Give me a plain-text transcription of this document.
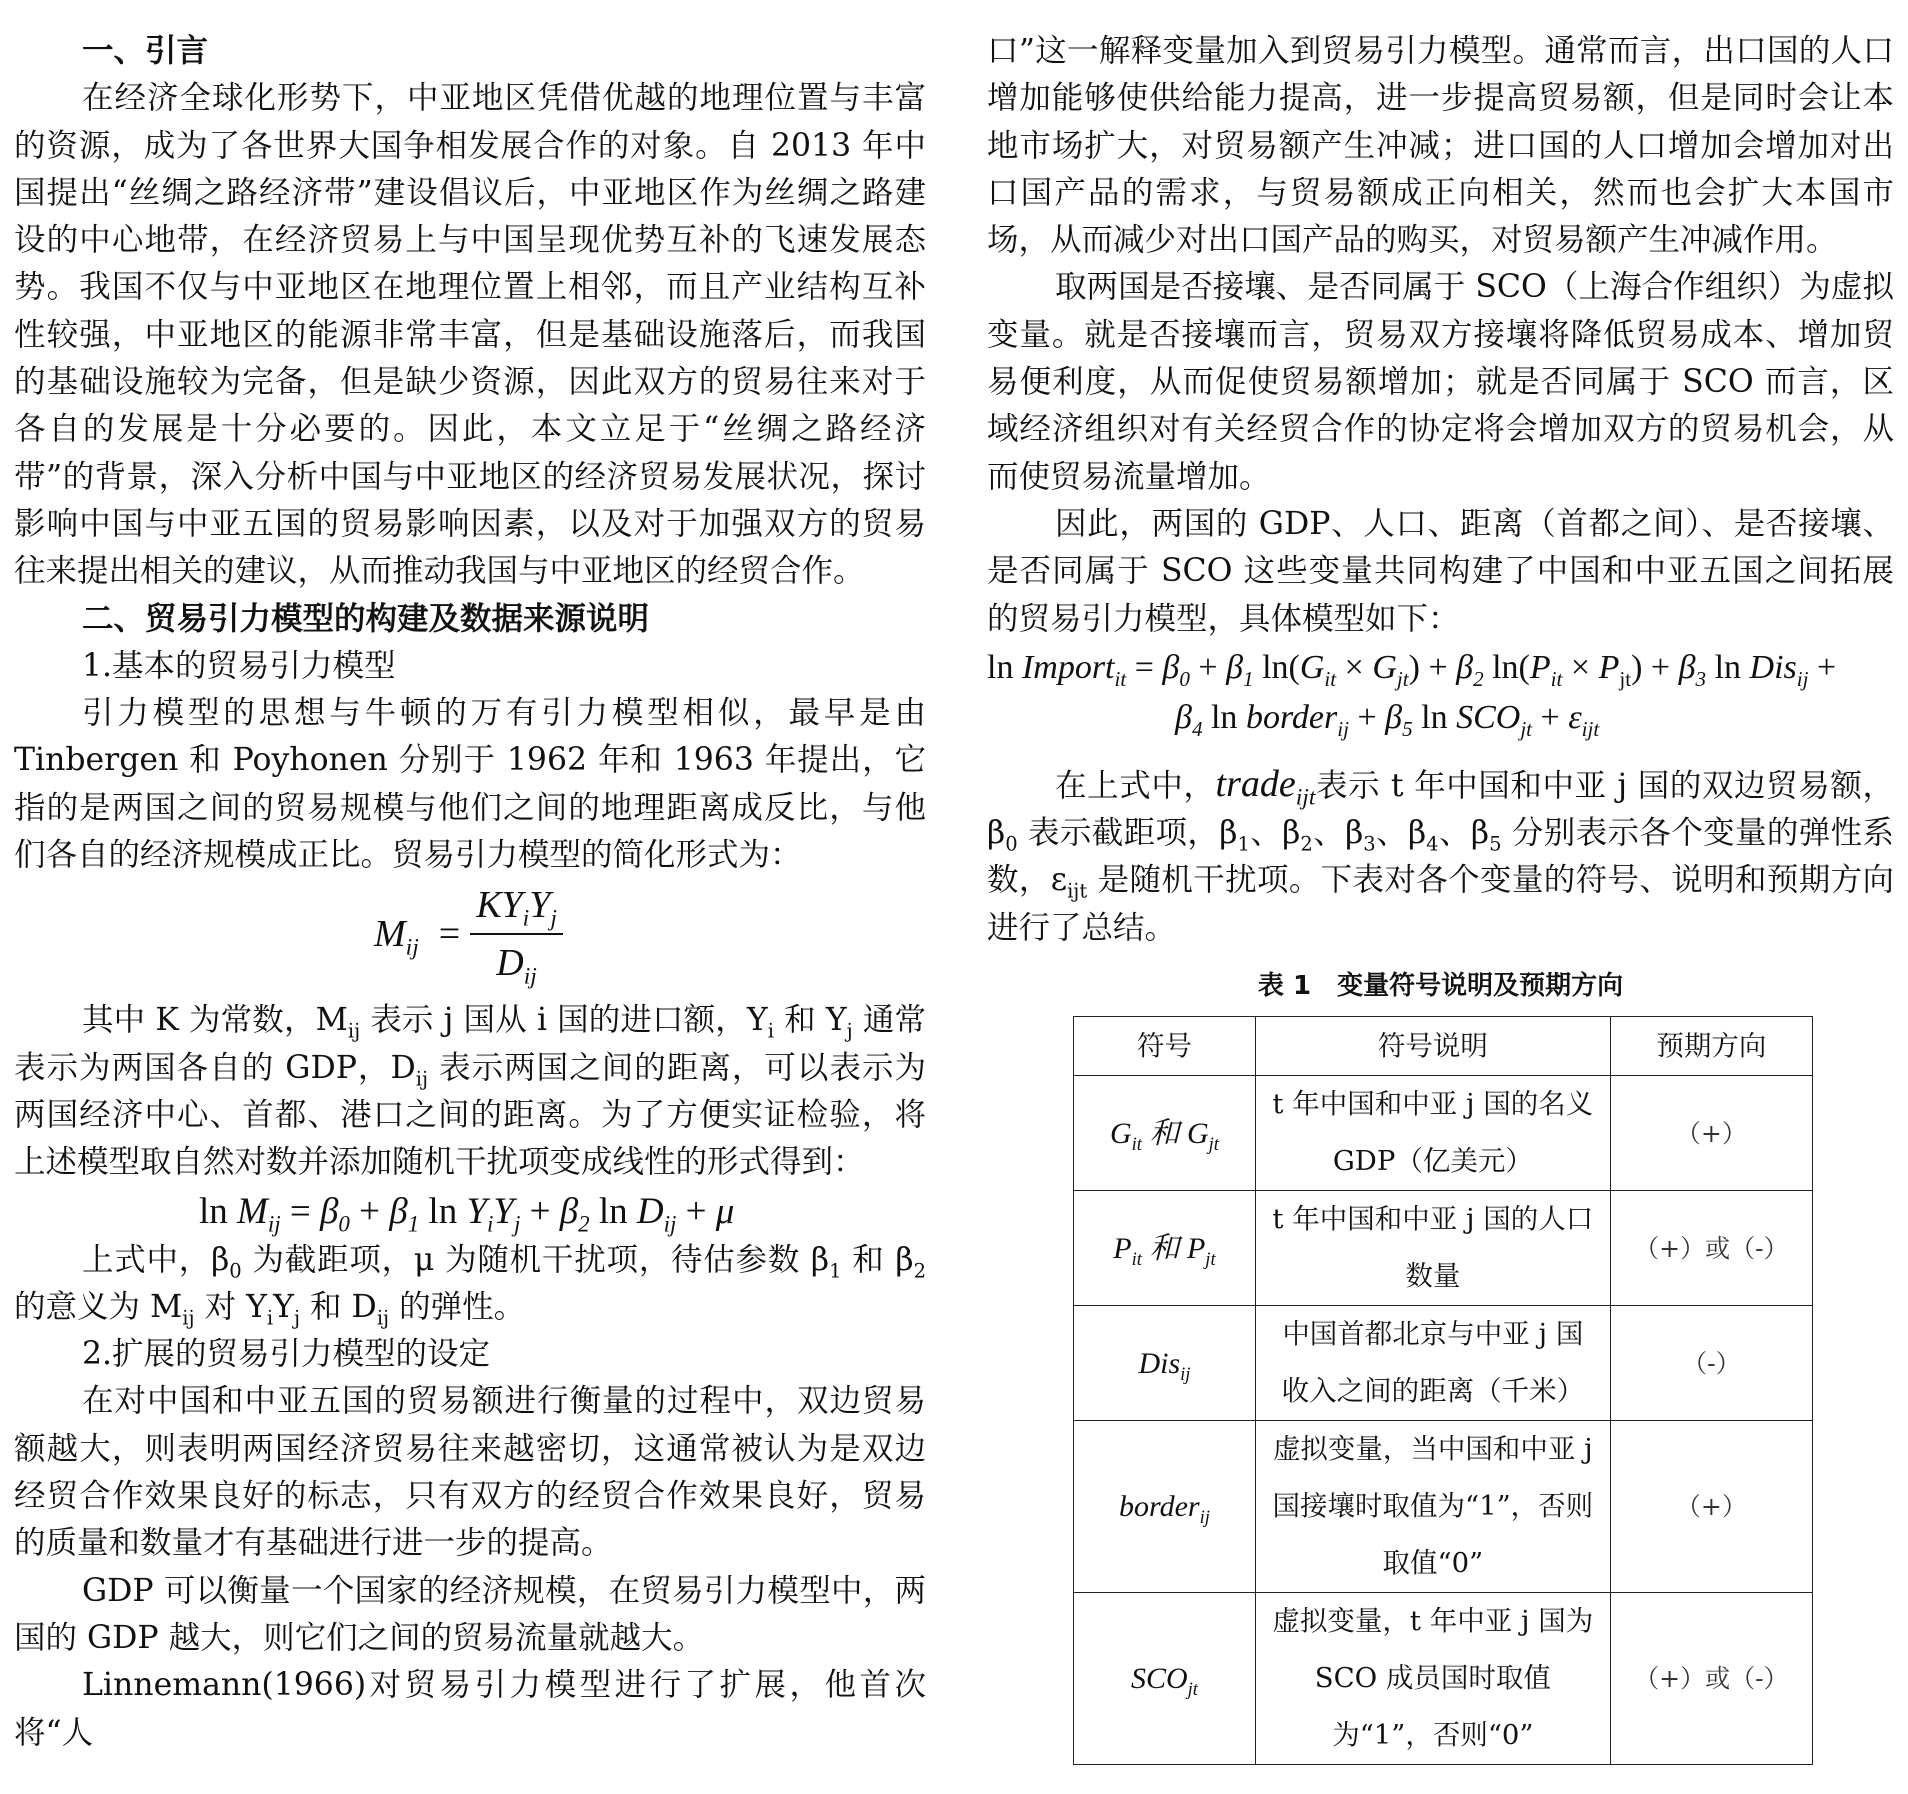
一、引言
在经济全球化形势下，中亚地区凭借优越的地理位置与丰富的资源，成为了各世界大国争相发展合作的对象。自 2013 年中国提出“丝绸之路经济带”建设倡议后，中亚地区作为丝绸之路建设的中心地带，在经济贸易上与中国呈现优势互补的飞速发展态势。我国不仅与中亚地区在地理位置上相邻，而且产业结构互补性较强，中亚地区的能源非常丰富，但是基础设施落后，而我国的基础设施较为完备，但是缺少资源，因此双方的贸易往来对于各自的发展是十分必要的。因此，本文立足于“丝绸之路经济带”的背景，深入分析中国与中亚地区的经济贸易发展状况，探讨影响中国与中亚五国的贸易影响因素，以及对于加强双方的贸易往来提出相关的建议，从而推动我国与中亚地区的经贸合作。
二、贸易引力模型的构建及数据来源说明
1.基本的贸易引力模型
引力模型的思想与牛顿的万有引力模型相似，最早是由 Tinbergen 和 Poyhonen 分别于 1962 年和 1963 年提出，它指的是两国之间的贸易规模与他们之间的地理距离成反比，与他们各自的经济规模成正比。贸易引力模型的简化形式为：
$M_{ij} = \frac{KY_iY_j}{D_{ij}}$
其中 K 为常数，$M_{ij}$ 表示 j 国从 i 国的进口额，$Y_i$ 和 $Y_j$ 通常表示为两国各自的 GDP，$D_{ij}$ 表示两国之间的距离，可以表示为两国经济中心、首都、港口之间的距离。为了方便实证检验，将上述模型取自然对数并添加随机干扰项变成线性的形式得到：
$\ln M_{ij} = \beta_0 + \beta_1$ $\ln Y_iY_j + \beta_2$ $\ln D_{ij} + \mu$
上式中，$\beta_0$ 为截距项，μ 为随机干扰项，待估参数 $\beta_1$ 和 $\beta_2$ 的意义为 $M_{ij}$ 对 $Y_iY_j$ 和 $D_{ij}$ 的弹性。
2.扩展的贸易引力模型的设定
在对中国和中亚五国的贸易额进行衡量的过程中，双边贸易额越大，则表明两国经济贸易往来越密切，这通常被认为是双边经贸合作效果良好的标志，只有双方的经贸合作效果良好，贸易的质量和数量才有基础进行进一步的提高。
GDP 可以衡量一个国家的经济规模，在贸易引力模型中，两国的 GDP 越大，则它们之间的贸易流量就越大。
Linnemann(1966)对贸易引力模型进行了扩展，他首次将“人
口”这一解释变量加入到贸易引力模型。通常而言，出口国的人口增加能够使供给能力提高，进一步提高贸易额，但是同时会让本地市场扩大，对贸易额产生冲减；进口国的人口增加会增加对出口国产品的需求，与贸易额成正向相关，然而也会扩大本国市场，从而减少对出口国产品的购买，对贸易额产生冲减作用。
取两国是否接壤、是否同属于 SCO（上海合作组织）为虚拟变量。就是否接壤而言，贸易双方接壤将降低贸易成本、增加贸易便利度，从而促使贸易额增加；就是否同属于 SCO 而言，区域经济组织对有关经贸合作的协定将会增加双方的贸易机会，从而使贸易流量增加。
因此，两国的 GDP、人口、距离（首都之间）、是否接壤、是否同属于 SCO 这些变量共同构建了中国和中亚五国之间拓展的贸易引力模型，具体模型如下：
ln Import$_{it}$ = $\beta_0 + \beta_1$ $\ln(G_{it} \times G_{jt}) + \beta_2$ $\ln(P_{it} \times P_{jt}) + \beta_3$ ln Dis$_{ij}$ +
$\beta_4$ ln border$_{ij}$ + $\beta_5$ $\ln SCO_{jt} + \varepsilon_{ijt}$
在上式中，trade$_{ijt}$表示 t 年中国和中亚 j 国的双边贸易额，$\beta_0$ 表示截距项，$\beta_1$、$\beta_2$、$\beta_3$、$\beta_4$、$\beta_5$ 分别表示各个变量的弹性系数，$\varepsilon_{ijt}$ 是随机干扰项。下表对各个变量的符号、说明和预期方向进行了总结。
表 1　变量符号说明及预期方向
符号	符号说明	预期方向
$G_{it}$ 和 $G_{jt}$	t 年中国和中亚 j 国的名义 GDP（亿美元）	（+）
$P_{it}$ 和 $P_{jt}$	t 年中国和中亚 j 国的人口数量	（+）或（-）
Dis$_{ij}$	中国首都北京与中亚 j 国收入之间的距离（千米）	（-）
border$_{ij}$	虚拟变量，当中国和中亚 j 国接壤时取值为“1”，否则取值“0”	（+）
$SCO_{jt}$	虚拟变量，t 年中亚 j 国为 SCO 成员国时取值为“1”，否则“0”	（+）或（-）
